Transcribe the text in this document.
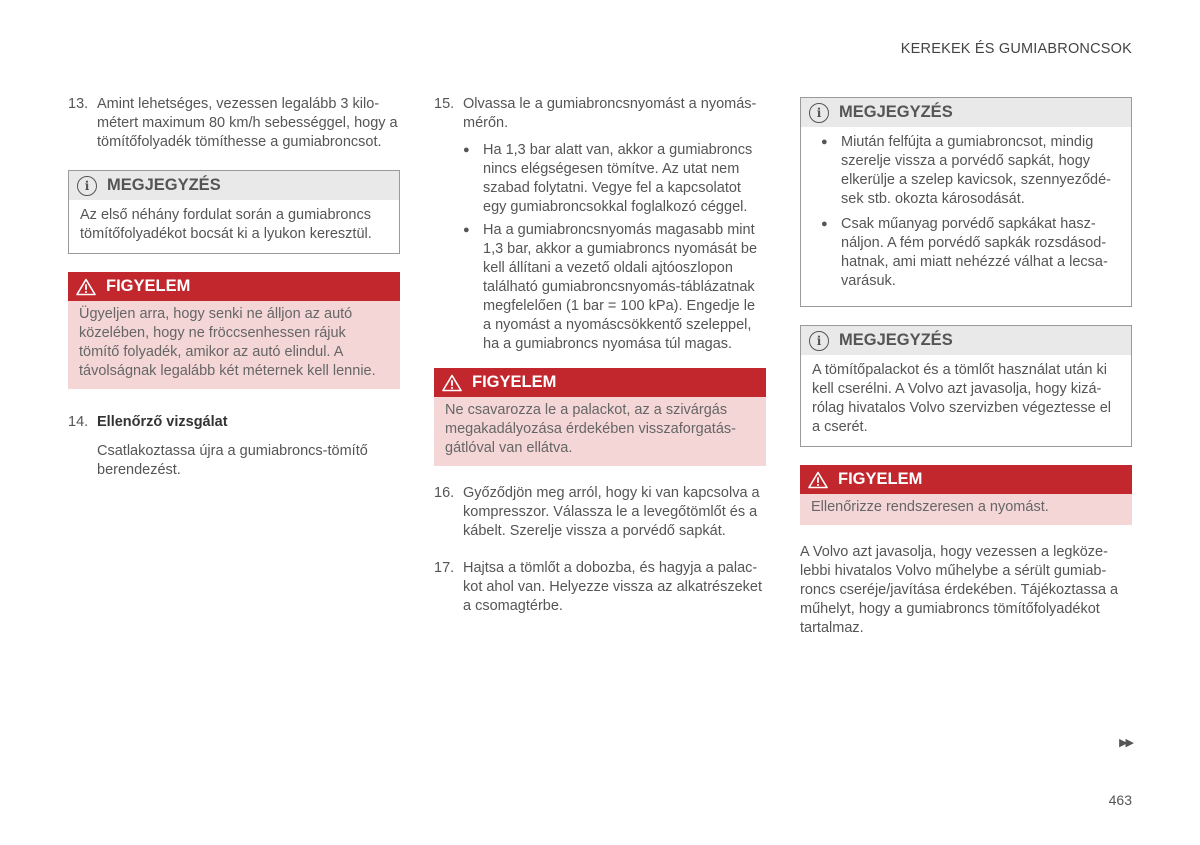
KEREKEK ÉS GUMIABRONCSOK
13. Amint lehetséges, vezessen legalább 3 kilométert maximum 80 km/h sebességgel, hogy a tömítőfolyadék tömíthesse a gumiabroncsot.
i	MEGJEGYZÉS
Az első néhány fordulat során a gumiabroncs tömítőfolyadékot bocsát ki a lyukon keresztül.
FIGYELEM
Ügyeljen arra, hogy senki ne álljon az autó közelében, hogy ne fröccsenhessen rájuk tömítő folyadék, amikor az autó elindul. A távolságnak legalább két méternek kell lennie.
14. Ellenőrző vizsgálat

Csatlakoztassa újra a gumiabroncs-tömítő berendezést.

15. Olvassa le a gumiabroncsnyomást a nyomásmérőn.
● Ha 1,3 bar alatt van, akkor a gumiabroncs nincs elégségesen tömítve. Az utat nem szabad folytatni. Vegye fel a kapcsolatot egy gumiabroncsokkal foglalkozó céggel.
● Ha a gumiabroncsnyomás magasabb mint 1,3 bar, akkor a gumiabroncs nyomását be kell állítani a vezető oldali ajtóoszlopon található gumiabroncsnyomás-táblázatnak megfelelően (1 bar = 100 kPa). Engedje le a nyomást a nyomáscsökkentő szeleppel, ha a gumiabroncs nyomása túl magas.
FIGYELEM
Ne csavarozza le a palackot, az a szivárgás megakadályozása érdekében visszaforgatásgátlóval van ellátva.
16. Győződjön meg arról, hogy ki van kapcsolva a kompresszor. Válassza le a levegőtömlőt és a kábelt. Szerelje vissza a porvédő sapkát.
17. Hajtsa a tömlőt a dobozba, és hagyja a palackot ahol van. Helyezze vissza az alkatrészeket a csomagtérbe.
i	MEGJEGYZÉS
● Miután felfújta a gumiabroncsot, mindig szerelje vissza a porvédő sapkát, hogy elkerülje a szelep kavicsok, szennyeződések stb. okozta károsodását.
● Csak műanyag porvédő sapkákat használjon. A fém porvédő sapkák rozsdásodhatnak, ami miatt nehézzé válhat a lecsavarásuk.
i	MEGJEGYZÉS
A tömítőpalackot és a tömlőt használat után ki kell cserélni. A Volvo azt javasolja, hogy kizárólag hivatalos Volvo szervizben végeztesse el a cserét.
FIGYELEM
Ellenőrizze rendszeresen a nyomást.

A Volvo azt javasolja, hogy vezessen a legközelebbi hivatalos Volvo műhelybe a sérült gumiabroncs cseréje/javítása érdekében. Tájékoztassa a műhelyt, hogy a gumiabroncs tömítőfolyadékot tartalmaz.

▶▶
463
